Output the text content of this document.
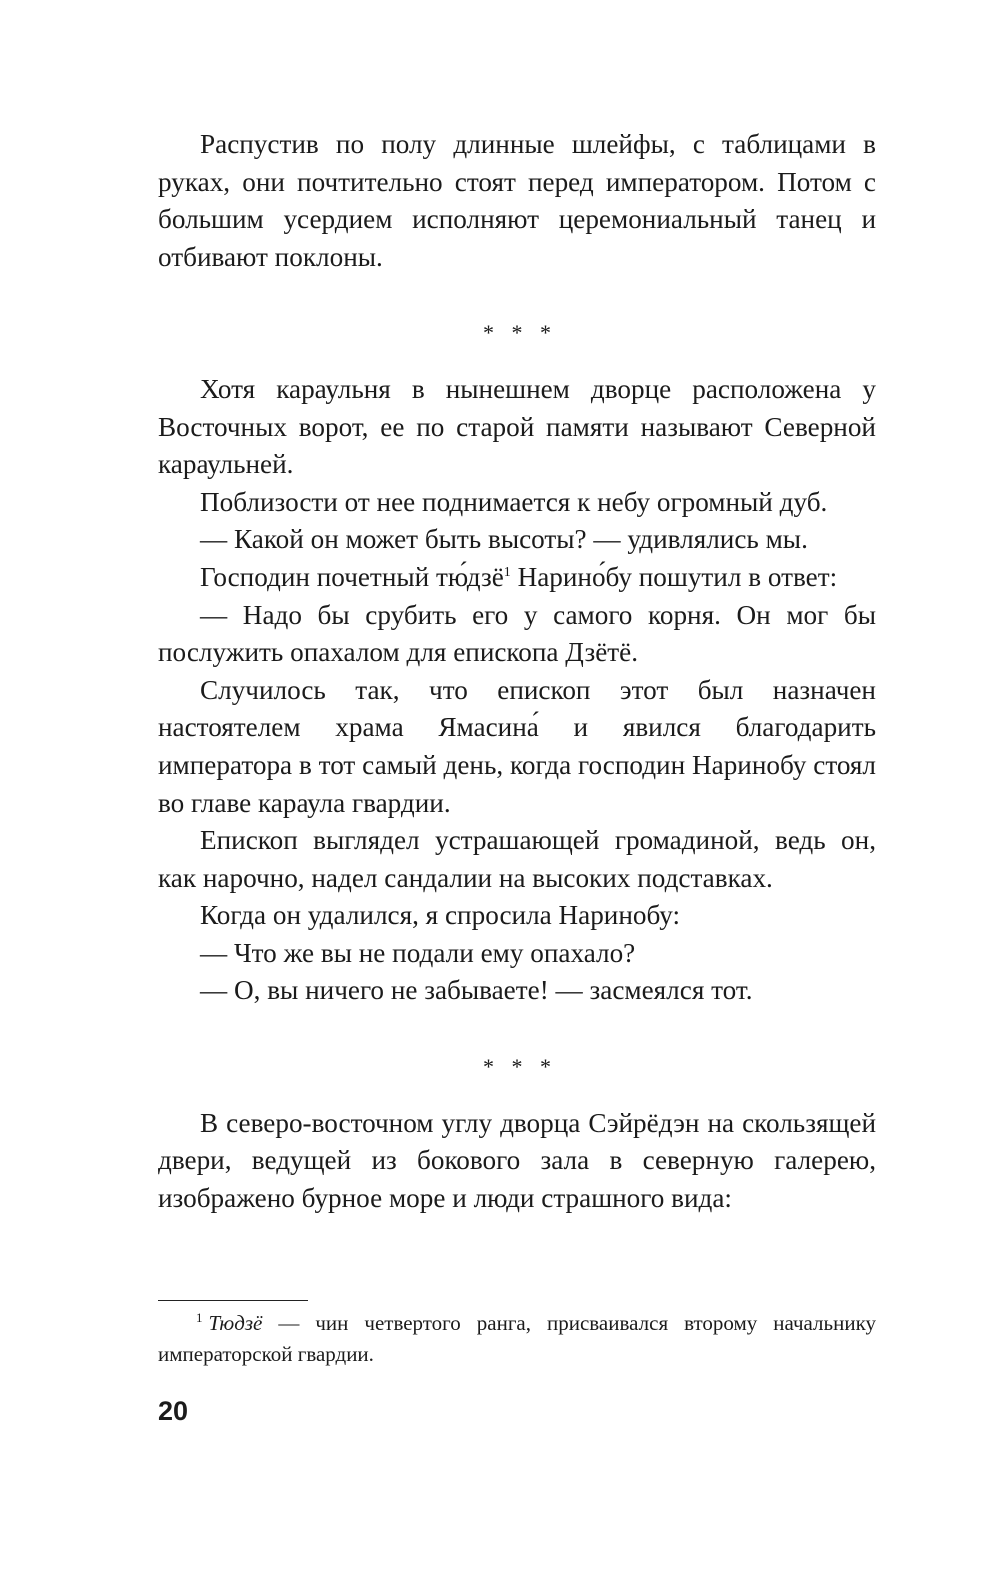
Распустив по полу длинные шлейфы, с таблицами в руках, они почтительно стоят перед императором. Потом с большим усердием исполняют церемониальный танец и отбивают поклоны.

* * *

Хотя караульня в нынешнем дворце расположена у Восточных ворот, ее по старой памяти называют Северной караульней.

Поблизости от нее поднимается к небу огромный дуб.

— Какой он может быть высоты? — удивлялись мы.

Господин почетный тю́дзё$^1$ Нарино́бу пошутил в ответ:

— Надо бы срубить его у самого корня. Он мог бы послужить опахалом для епископа Дзётё.

Случилось так, что епископ этот был назначен настоятелем храма Ямасина́ и явился благодарить императора в тот самый день, когда господин Наринобу стоял во главе караула гвардии.

Епископ выглядел устрашающей громадиной, ведь он, как нарочно, надел сандалии на высоких подставках.

Когда он удалился, я спросила Наринобу:

— Что же вы не подали ему опахало?

— О, вы ничего не забываете! — засмеялся тот.

* * *

В северо-восточном углу дворца Сэйрёдэн на скользящей двери, ведущей из бокового зала в северную галерею, изображено бурное море и люди страшного вида:

$^1$ Тюдзё — чин четвертого ранга, присваивался второму начальнику императорской гвардии.

20
